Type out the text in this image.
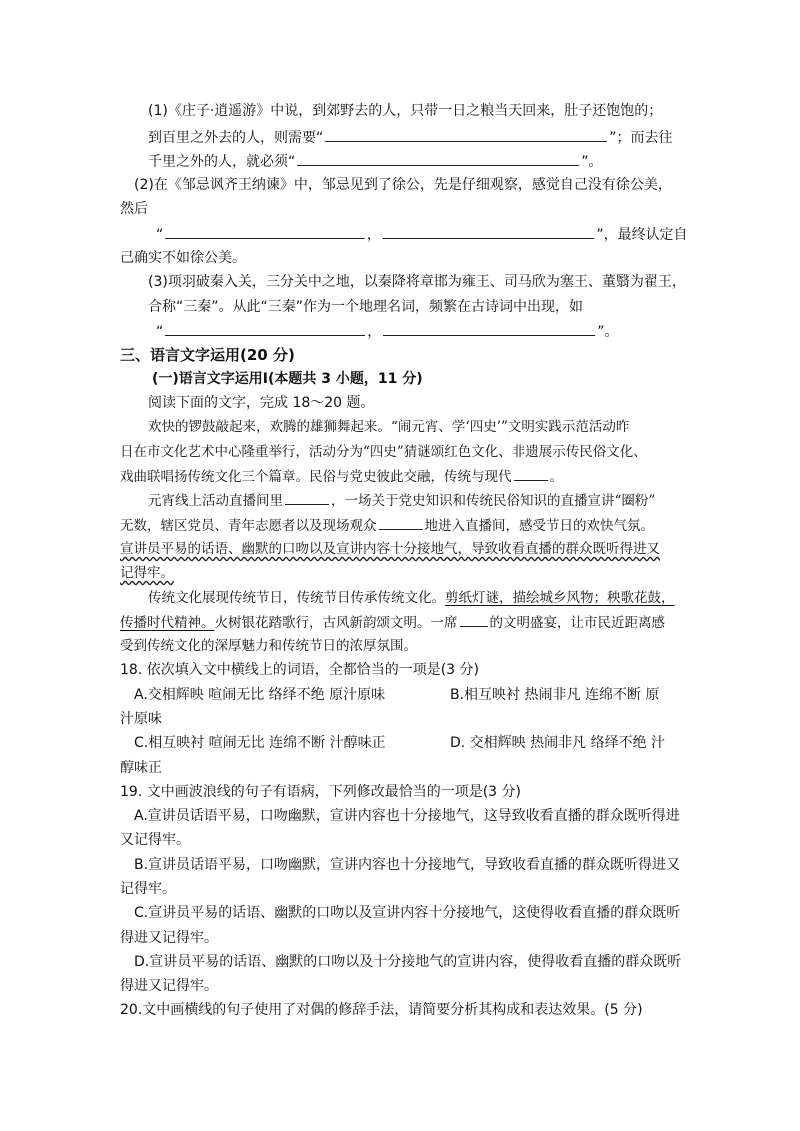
(1)《庄子·逍遥游》中说，到郊野去的人，只带一日之粮当天回来，肚子还饱饱的；
到百里之外去的人，则需要“	”；而去往
千里之外的人，就必须“	”。
(2)在《邹忌讽齐王纳谏》中，邹忌见到了徐公，先是仔细观察，感觉自己没有徐公美，
然后
“	，	”，最终认定自
己确实不如徐公美。
(3)项羽破秦入关，三分关中之地，以秦降将章邯为雍王、司马欣为塞王、董翳为翟王，
合称“三秦”。从此“三秦”作为一个地理名词，频繁在古诗词中出现，如
“	，	”。
三、语言文字运用(20 分)
(一)语言文字运用Ⅰ(本题共 3 小题，11 分)
阅读下面的文字，完成 18～20 题。
欢快的锣鼓敲起来，欢腾的雄狮舞起来。“闹元宵、学‘四史’”文明实践示范活动昨
日在市文化艺术中心隆重举行，活动分为“四史”猜谜颂红色文化、非遗展示传民俗文化、
戏曲联唱扬传统文化三个篇章。民俗与党史彼此交融，传统与现代	。
元宵线上活动直播间里	，一场关于党史知识和传统民俗知识的直播宣讲“圈粉”
无数，辖区党员、青年志愿者以及现场观众	地进入直播间，感受节日的欢快气氛。
宣讲员平易的话语、幽默的口吻以及宣讲内容十分接地气，导致收看直播的群众既听得进又
记得牢。
传统文化展现传统节日，传统节日传承传统文化。剪纸灯谜，描绘城乡风物；秧歌花鼓，
传播时代精神。火树银花踏歌行，古风新韵颂文明。一席 的文明盛宴，让市民近距离感
受到传统文化的深厚魅力和传统节日的浓厚氛围。
18. 依次填入文中横线上的词语，全都恰当的一项是(3 分)
A.交相辉映 喧闹无比 络绎不绝 原汁原味	B.相互映衬 热闹非凡 连绵不断 原
汁原味
C.相互映衬 喧闹无比 连绵不断 汁醇味正	D. 交相辉映 热闹非凡 络绎不绝 汁
醇味正
19. 文中画波浪线的句子有语病，下列修改最恰当的一项是(3 分)
A.宣讲员话语平易，口吻幽默，宣讲内容也十分接地气，这导致收看直播的群众既听得进
又记得牢。
B.宣讲员话语平易，口吻幽默，宣讲内容也十分接地气，导致收看直播的群众既听得进又
记得牢。
C.宣讲员平易的话语、幽默的口吻以及宣讲内容十分接地气，这使得收看直播的群众既听
得进又记得牢。
D.宣讲员平易的话语、幽默的口吻以及十分接地气的宣讲内容，使得收看直播的群众既听
得进又记得牢。
20.文中画横线的句子使用了对偶的修辞手法，请简要分析其构成和表达效果。(5 分)
